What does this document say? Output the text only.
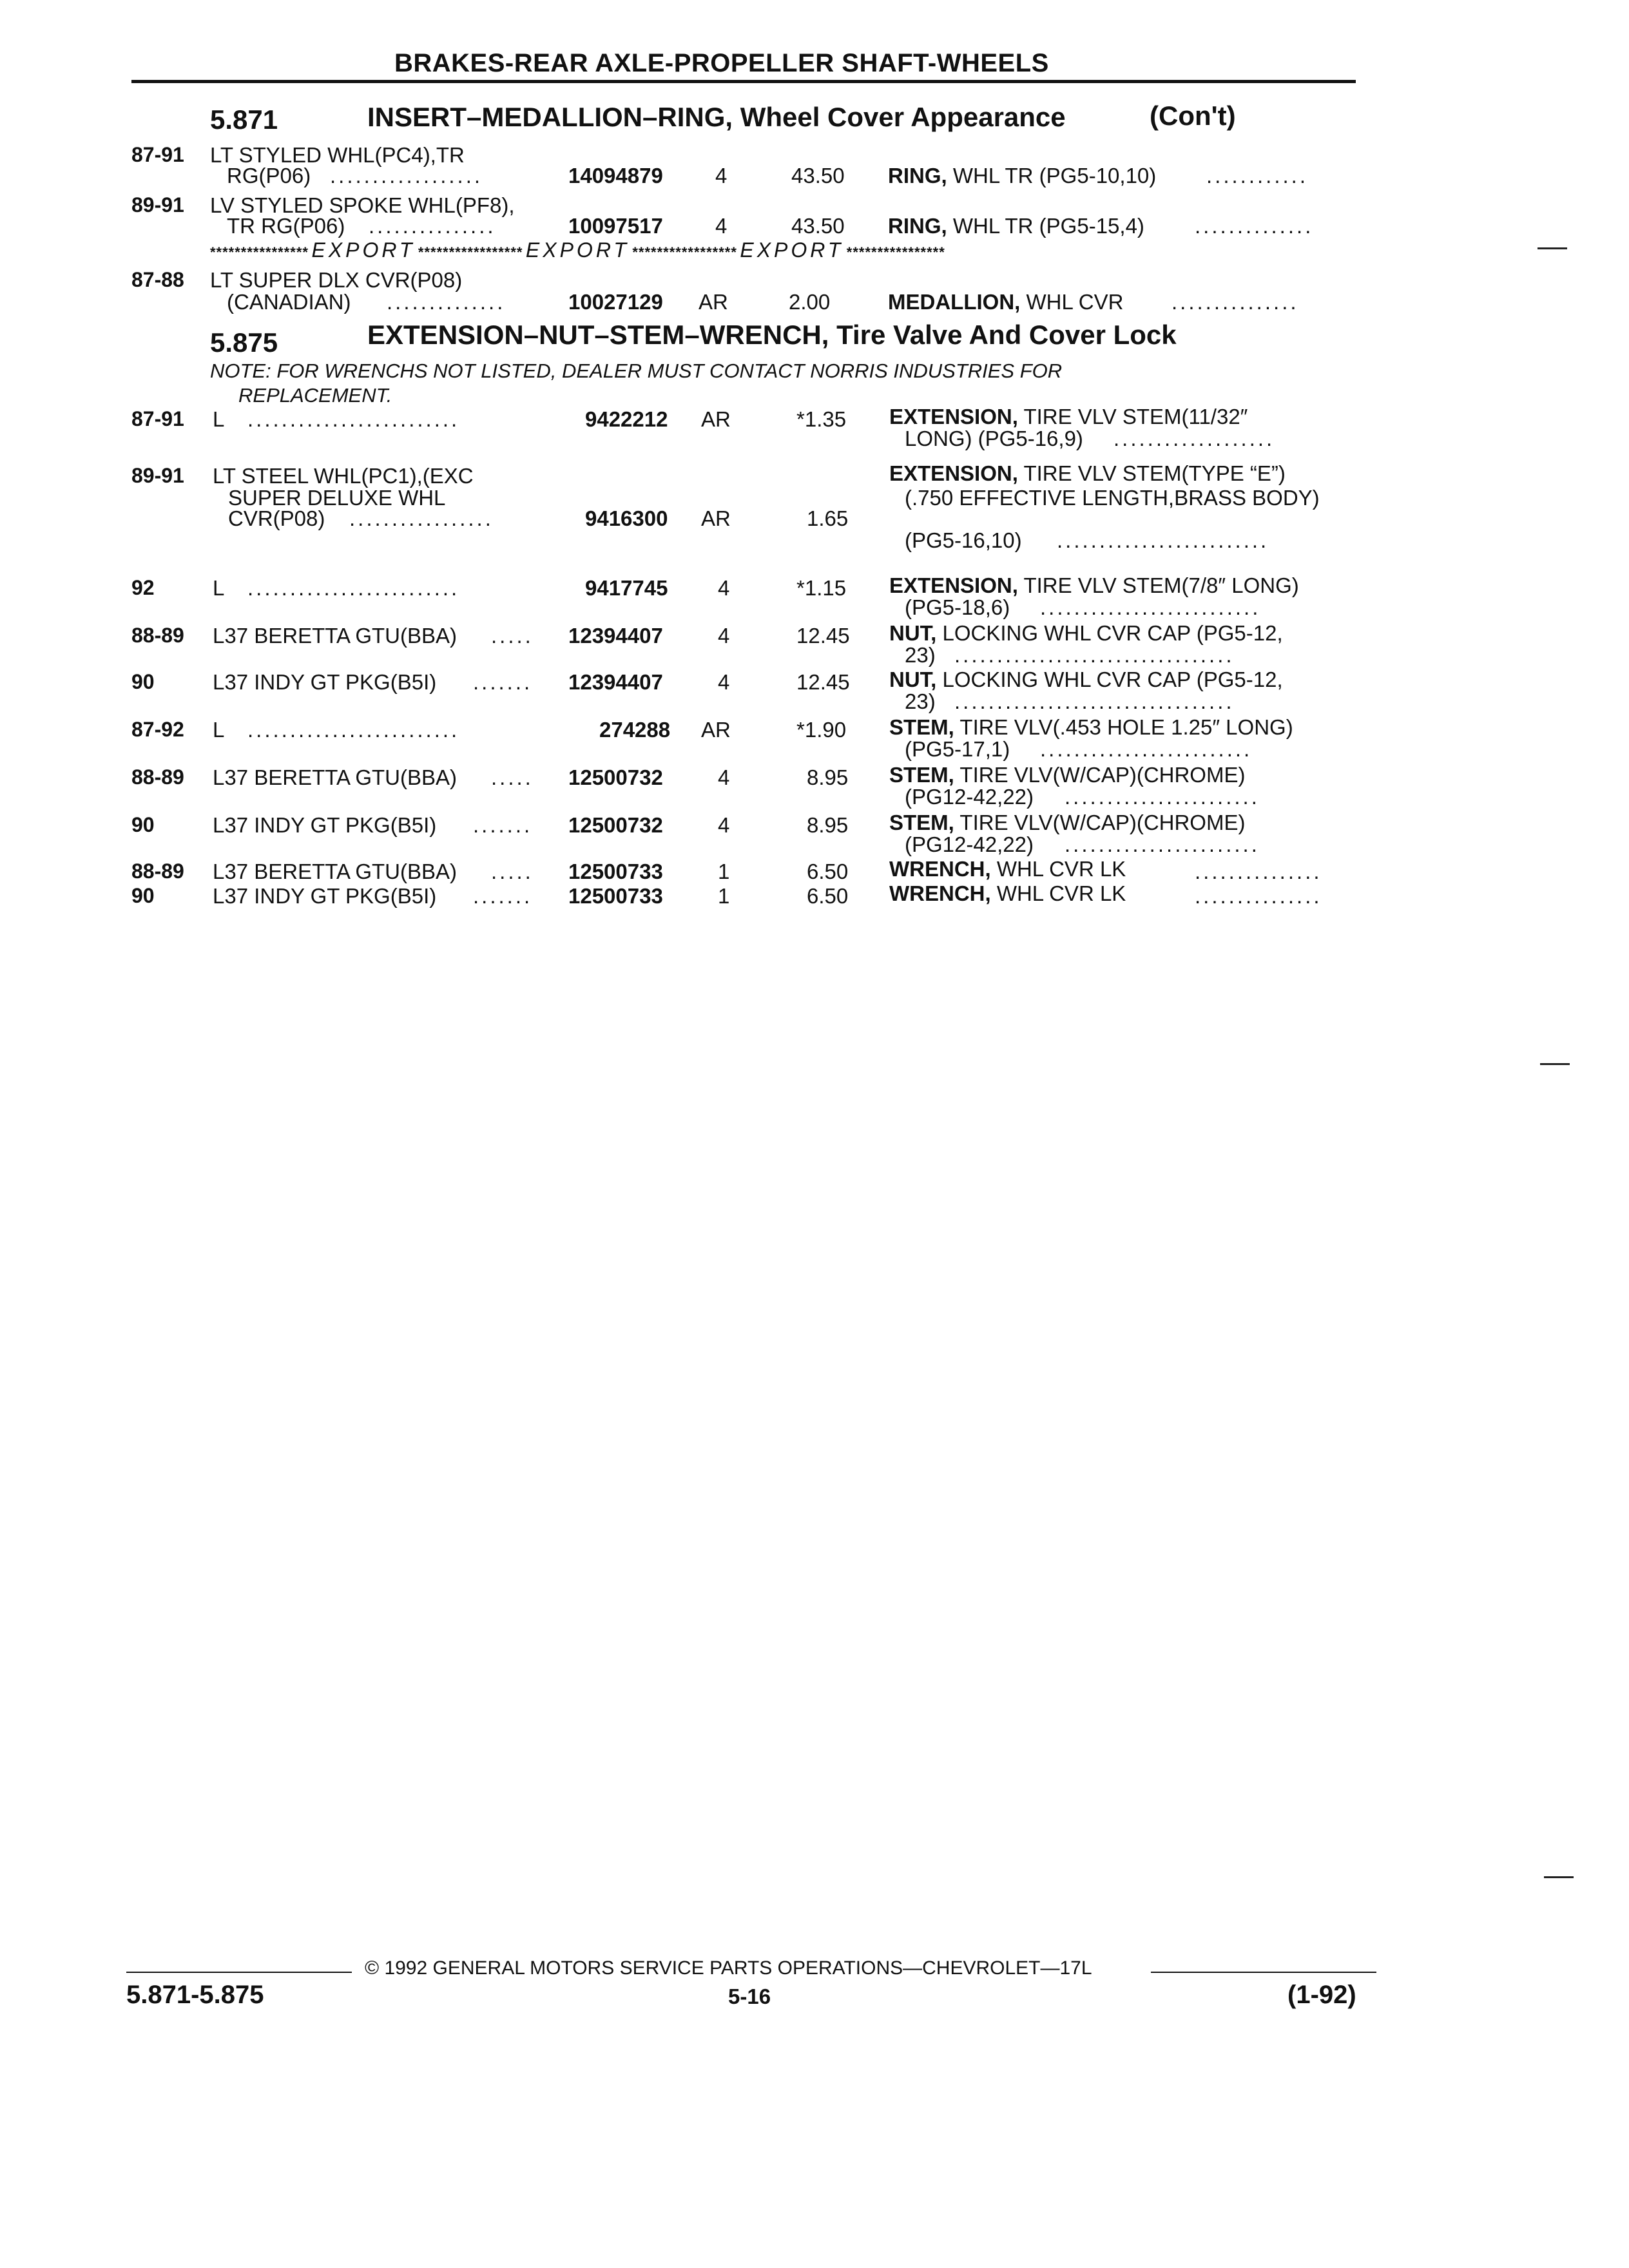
BRAKES-REAR AXLE-PROPELLER SHAFT-WHEELS
5.871	INSERT–MEDALLION–RING, Wheel Cover Appearance	(Con't)
87-91 LT STYLED WHL(PC4),TR
RG(P06) ..................	14094879 4	43.50 RING, WHL TR (PG5-10,10) ............
89-91 LV STYLED SPOKE WHL(PF8),
TR RG(P06) ...............	10097517 4	43.50 RING, WHL TR (PG5-15,4) ..............
**************** EXPORT ***************** EXPORT ***************** EXPORT ****************
87-88 LT SUPER DLX CVR(P08)
(CANADIAN) ..............	10027129 AR	2.00	MEDALLION, WHL CVR ...............
5.875	EXTENSION–NUT–STEM–WRENCH, Tire Valve And Cover Lock
NOTE: FOR WRENCHS NOT LISTED, DEALER MUST CONTACT NORRIS INDUSTRIES FOR
REPLACEMENT.
87-91 L .........................	9422212 AR	*1.35 EXTENSION, TIRE VLV STEM(11/32″
LONG) (PG5-16,9) ...................
89-91 LT STEEL WHL(PC1),(EXC
SUPER DELUXE WHL
CVR(P08) .................	9416300 AR	1.65
EXTENSION, TIRE VLV STEM(TYPE “E”)
(.750 EFFECTIVE LENGTH,BRASS BODY)
(PG5-16,10) .........................
92	L .........................	9417745 4	*1.15 EXTENSION, TIRE VLV STEM(7/8″ LONG)
(PG5-18,6) ..........................
88-89 L37 BERETTA GTU(BBA) ..... 12394407	4	12.45 NUT, LOCKING WHL CVR CAP (PG5-12,
23) .................................
90	L37 INDY GT PKG(B5I) ....... 12394407	4	12.45 NUT, LOCKING WHL CVR CAP (PG5-12,
23) .................................
87-92 L .........................	274288 AR	*1.90 STEM, TIRE VLV(.453 HOLE 1.25″ LONG)
(PG5-17,1) .........................
88-89 L37 BERETTA GTU(BBA) ..... 12500732	4	8.95 STEM, TIRE VLV(W/CAP)(CHROME)
(PG12-42,22) .......................
90	L37 INDY GT PKG(B5I) ....... 12500732	4	8.95 STEM, TIRE VLV(W/CAP)(CHROME)
(PG12-42,22) .......................
88-89 L37 BERETTA GTU(BBA) ..... 12500733	1	6.50 WRENCH, WHL CVR LK	...............
90	L37 INDY GT PKG(B5I) ....... 12500733	1	6.50 WRENCH, WHL CVR LK	...............
© 1992 GENERAL MOTORS SERVICE PARTS OPERATIONS—CHEVROLET—17L
5.871-5.875	5-16	(1-92)
